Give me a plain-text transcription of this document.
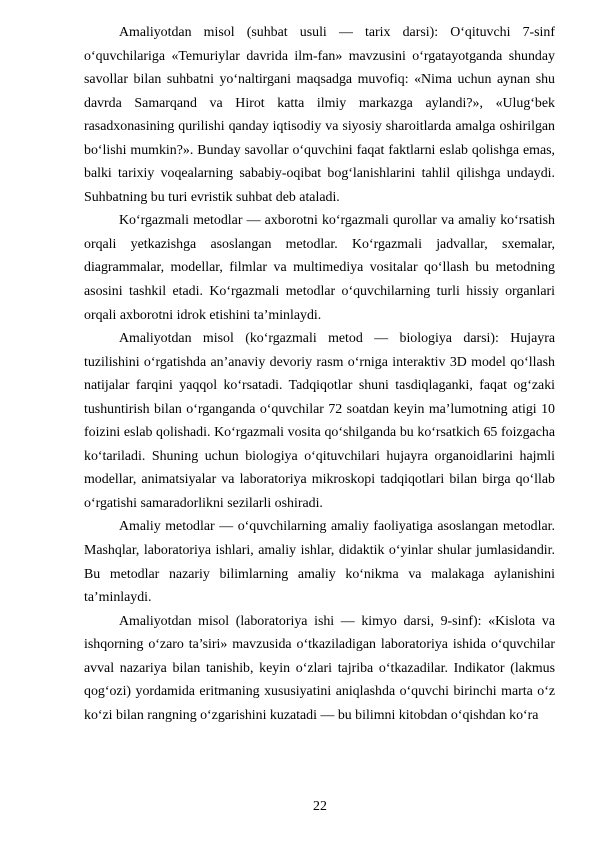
Amaliyotdan misol (suhbat usuli — tarix darsi): O‘qituvchi 7-sinf o‘quvchilariga «Temuriylar davrida ilm-fan» mavzusini o‘rgatayotganda shunday savollar bilan suhbatni yo‘naltirgani maqsadga muvofiq: «Nima uchun aynan shu davrda Samarqand va Hirot katta ilmiy markazga aylandi?», «Ulug‘bek rasadxonasining qurilishi qanday iqtisodiy va siyosiy sharoitlarda amalga oshirilgan bo‘lishi mumkin?». Bunday savollar o‘quvchini faqat faktlarni eslab qolishga emas, balki tarixiy voqealarning sababiy-oqibat bog‘lanishlarini tahlil qilishga undaydi. Suhbatning bu turi evristik suhbat deb ataladi.

Ko‘rgazmali metodlar — axborotni ko‘rgazmali qurollar va amaliy ko‘rsatish orqali yetkazishga asoslangan metodlar. Ko‘rgazmali jadvallar, sxemalar, diagrammalar, modellar, filmlar va multimediya vositalar qo‘llash bu metodning asosini tashkil etadi. Ko‘rgazmali metodlar o‘quvchilarning turli hissiy organlari orqali axborotni idrok etishini ta’minlaydi.

Amaliyotdan misol (ko‘rgazmali metod — biologiya darsi): Hujayra tuzilishini o‘rgatishda an’anaviy devoriy rasm o‘rniga interaktiv 3D model qo‘llash natijalar farqini yaqqol ko‘rsatadi. Tadqiqotlar shuni tasdiqlaganki, faqat og‘zaki tushuntirish bilan o‘rganganda o‘quvchilar 72 soatdan keyin ma’lumotning atigi 10 foizini eslab qolishadi. Ko‘rgazmali vosita qo‘shilganda bu ko‘rsatkich 65 foizgacha ko‘tariladi. Shuning uchun biologiya o‘qituvchilari hujayra organoidlarini hajmli modellar, animatsiyalar va laboratoriya mikroskopi tadqiqotlari bilan birga qo‘llab o‘rgatishi samaradorlikni sezilarli oshiradi.

Amaliy metodlar — o‘quvchilarning amaliy faoliyatiga asoslangan metodlar. Mashqlar, laboratoriya ishlari, amaliy ishlar, didaktik o‘yinlar shular jumlasidandir. Bu metodlar nazariy bilimlarning amaliy ko‘nikma va malakaga aylanishini ta’minlaydi.

Amaliyotdan misol (laboratoriya ishi — kimyo darsi, 9-sinf): «Kislota va ishqorning o‘zaro ta’siri» mavzusida o‘tkaziladigan laboratoriya ishida o‘quvchilar avval nazariya bilan tanishib, keyin o‘zlari tajriba o‘tkazadilar. Indikator (lakmus qog‘ozi) yordamida eritmaning xususiyatini aniqlashda o‘quvchi birinchi marta o‘z ko‘zi bilan rangning o‘zgarishini kuzatadi — bu bilimni kitobdan o‘qishdan ko‘ra

22
